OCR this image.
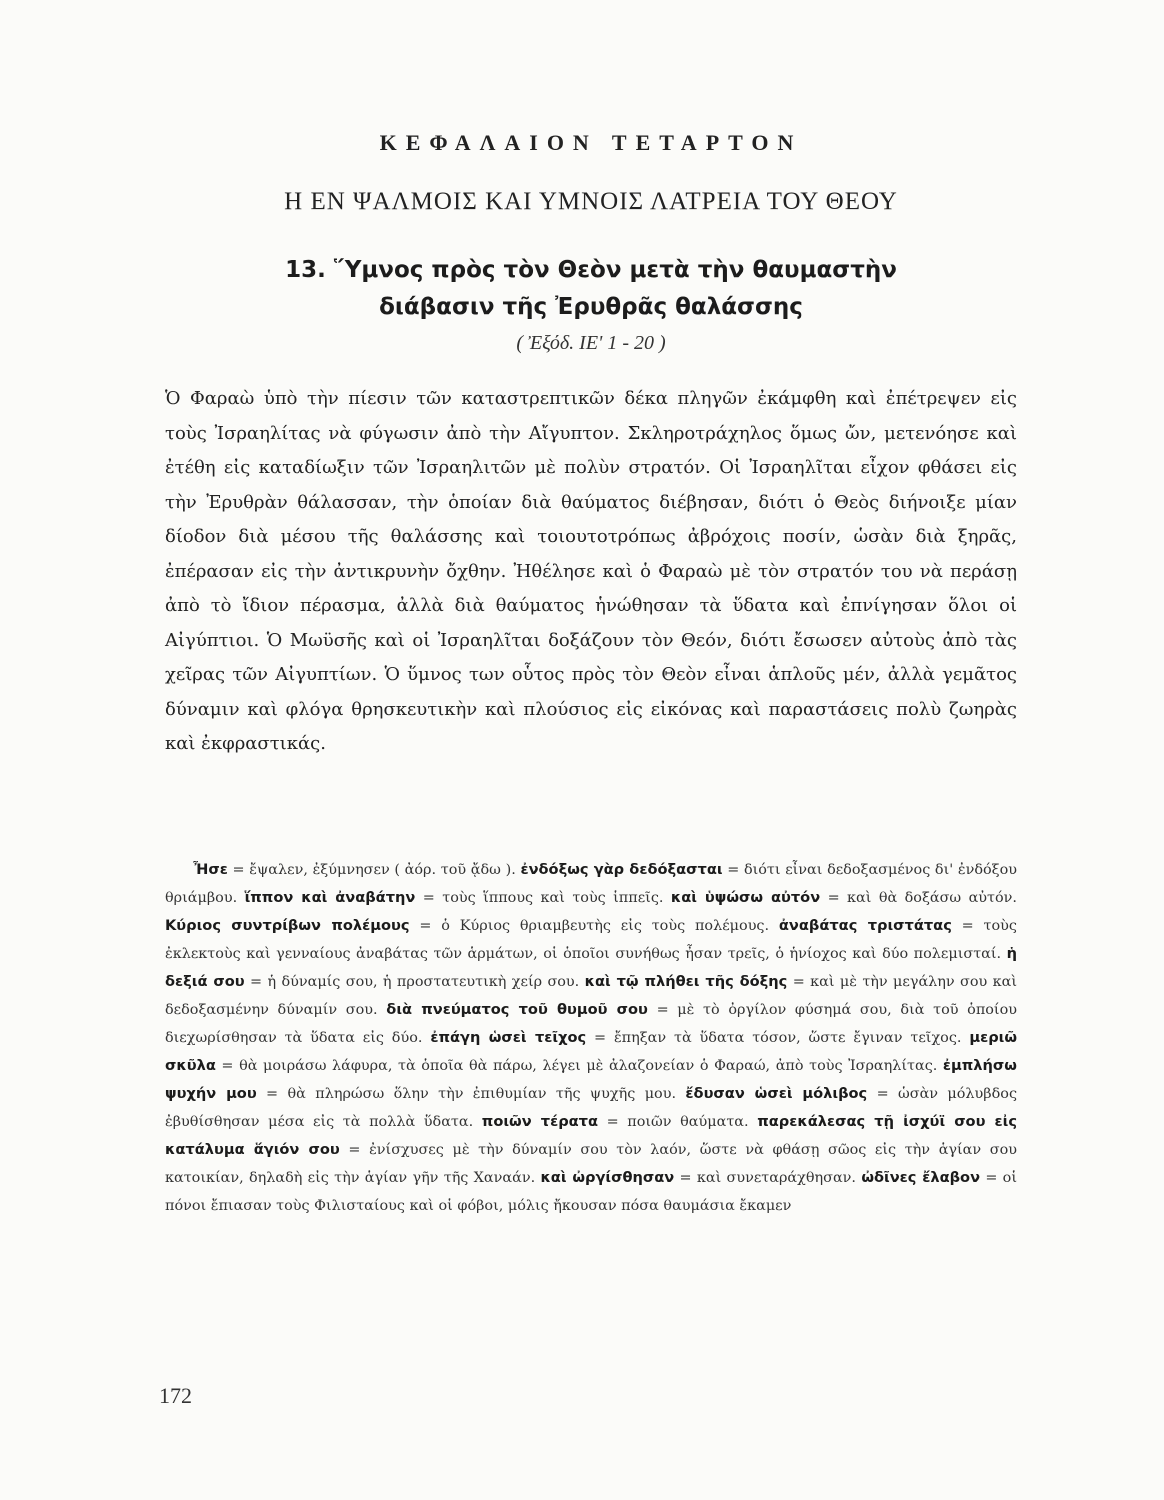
ΚΕΦΑΛΑΙΟΝ ΤΕΤΑΡΤΟΝ
Η ΕΝ ΨΑΛΜΟΙΣ ΚΑΙ ΥΜΝΟΙΣ ΛΑΤΡΕΙΑ ΤΟΥ ΘΕΟΥ
13. Ὕμνος πρὸς τὸν Θεὸν μετὰ τὴν θαυμαστὴν
διάβασιν τῆς Ἐρυθρᾶς θαλάσσης
( Ἐξόδ. ΙΕ' 1 - 20 )
Ὁ Φαραὼ ὑπὸ τὴν πίεσιν τῶν καταστρεπτικῶν δέκα πληγῶν ἐκάμφθη καὶ ἐπέτρεψεν εἰς τοὺς Ἰσραηλίτας νὰ φύγωσιν ἀπὸ τὴν Αἴγυπτον. Σκληροτράχηλος ὅμως ὤν, μετενόησε καὶ ἐτέθη εἰς καταδίωξιν τῶν Ἰσραηλιτῶν μὲ πολὺν στρατόν. Οἱ Ἰσραηλῖται εἶχον φθάσει εἰς τὴν Ἐρυθρὰν θάλασσαν, τὴν ὁποίαν διὰ θαύματος διέβησαν, διότι ὁ Θεὸς διήνοιξε μίαν δίοδον διὰ μέσου τῆς θαλάσσης καὶ τοιουτοτρόπως ἀβρόχοις ποσίν, ὡσὰν διὰ ξηρᾶς, ἐπέρασαν εἰς τὴν ἀντικρυνὴν ὄχθην. Ἠθέλησε καὶ ὁ Φαραὼ μὲ τὸν στρατόν του νὰ περάσῃ ἀπὸ τὸ ἴδιον πέρασμα, ἀλλὰ διὰ θαύματος ἡνώθησαν τὰ ὕδατα καὶ ἐπνίγησαν ὅλοι οἱ Αἰγύπτιοι. Ὁ Μωϋσῆς καὶ οἱ Ἰσραηλῖται δοξάζουν τὸν Θεόν, διότι ἔσωσεν αὐτοὺς ἀπὸ τὰς χεῖρας τῶν Αἰγυπτίων. Ὁ ὕμνος των οὗτος πρὸς τὸν Θεὸν εἶναι ἁπλοῦς μέν, ἀλλὰ γεμᾶτος δύναμιν καὶ φλόγα θρησκευτικὴν καὶ πλούσιος εἰς εἰκόνας καὶ παραστάσεις πολὺ ζωηρὰς καὶ ἐκφραστικάς.
Ἦσε = ἔψαλεν, ἐξύμνησεν ( ἀόρ. τοῦ ᾄδω ). ἐνδόξως γὰρ δεδόξασται = διότι εἶναι δεδοξασμένος δι' ἐνδόξου θριάμβου. ἵππον καὶ ἀναβάτην = τοὺς ἵππους καὶ τοὺς ἱππεῖς. καὶ ὑψώσω αὐτόν = καὶ θὰ δοξάσω αὐτόν. Κύριος συντρίβων πολέμους = ὁ Κύριος θριαμβευτὴς εἰς τοὺς πολέμους. ἀναβάτας τριστάτας = τοὺς ἐκλεκτοὺς καὶ γενναίους ἀναβάτας τῶν ἁρμάτων, οἱ ὁποῖοι συνήθως ἦσαν τρεῖς, ὁ ἡνίοχος καὶ δύο πολεμισταί. ἡ δεξιά σου = ἡ δύναμίς σου, ἡ προστατευτικὴ χείρ σου. καὶ τῷ πλήθει τῆς δόξης = καὶ μὲ τὴν μεγάλην σου καὶ δεδοξασμένην δύναμίν σου. διὰ πνεύματος τοῦ θυμοῦ σου = μὲ τὸ ὀργίλον φύσημά σου, διὰ τοῦ ὁποίου διεχωρίσθησαν τὰ ὕδατα εἰς δύο. ἐπάγη ὡσεὶ τεῖχος = ἔπηξαν τὰ ὕδατα τόσον, ὥστε ἔγιναν τεῖχος. μεριῶ σκῦλα = θὰ μοιράσω λάφυρα, τὰ ὁποῖα θὰ πάρω, λέγει μὲ ἀλαζονείαν ὁ Φαραώ, ἀπὸ τοὺς Ἰσραηλίτας. ἐμπλήσω ψυχήν μου = θὰ πληρώσω ὅλην τὴν ἐπιθυμίαν τῆς ψυχῆς μου. ἔδυσαν ὡσεὶ μόλιβος = ὡσὰν μόλυβδος ἐβυθίσθησαν μέσα εἰς τὰ πολλὰ ὕδατα. ποιῶν τέρατα = ποιῶν θαύματα. παρεκάλεσας τῇ ἰσχύϊ σου εἰς κατάλυμα ἅγιόν σου = ἐνίσχυσες μὲ τὴν δύναμίν σου τὸν λαόν, ὥστε νὰ φθάσῃ σῶος εἰς τὴν ἁγίαν σου κατοικίαν, δηλαδὴ εἰς τὴν ἁγίαν γῆν τῆς Χαναάν. καὶ ὠργίσθησαν = καὶ συνεταράχθησαν. ὠδῖνες ἔλαβον = οἱ πόνοι ἔπιασαν τοὺς Φιλισταίους καὶ οἱ φόβοι, μόλις ἤκουσαν πόσα θαυμάσια ἔκαμεν
172
